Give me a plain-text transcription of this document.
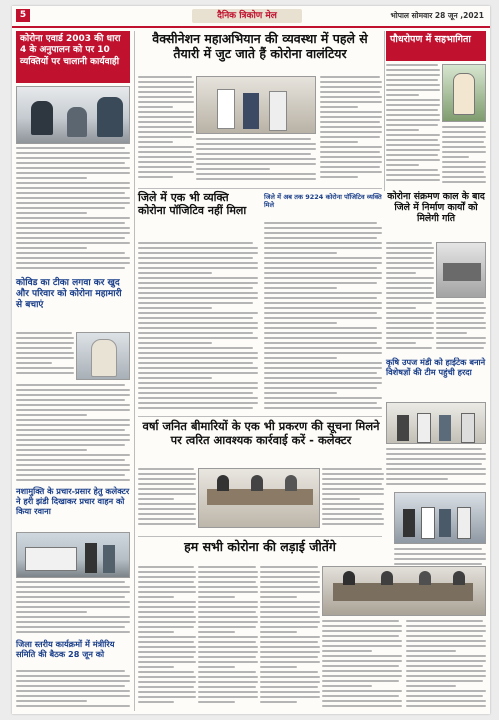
5	दैनिक त्रिकोण मेल	भोपाल सोमवार 28 जून ,2021
कोरोना एवार्ड 2003 की धारा 4 के अनुपालन को पर 10 व्यक्तियों पर चालानी कार्यवाही
कोविड का टीका लगवा कर खुद और परिवार को कोरोना महामारी से बचाएं
नशामुक्ति के प्रचार-प्रसार हेतु कलेक्टर ने हरी झंडी दिखाकर प्रचार वाहन को किया रवाना
जिला स्तरीय कार्यक्रमों में मंत्रीरिय समिति की बैठक 28 जून को
वैक्सीनेशन महाअभियान की व्यवस्था में पहले से तैयारी में जुट जाते हैं कोरोना वालंटियर
जिले में एक भी व्यक्ति कोरोना पॉजिटिव नहीं मिला
जिले में अब तक 9224 कोरोना पॉजिटिव व्यक्ति मिले
पौधरोपण में सहभागिता
कोरोना संक्रमण काल के बाद जिले में निर्माण कार्यों को मिलेगी गति
कृषि उपज मंडी को हाईटेक बनाने विशेषज्ञों की टीम पहुंची हरदा
वर्षा जनित बीमारियों के एक भी प्रकरण की सूचना मिलने पर त्वरित आवश्यक कार्रवाई करें - कलेक्टर
हम सभी कोरोना की लड़ाई जीतेंगे
